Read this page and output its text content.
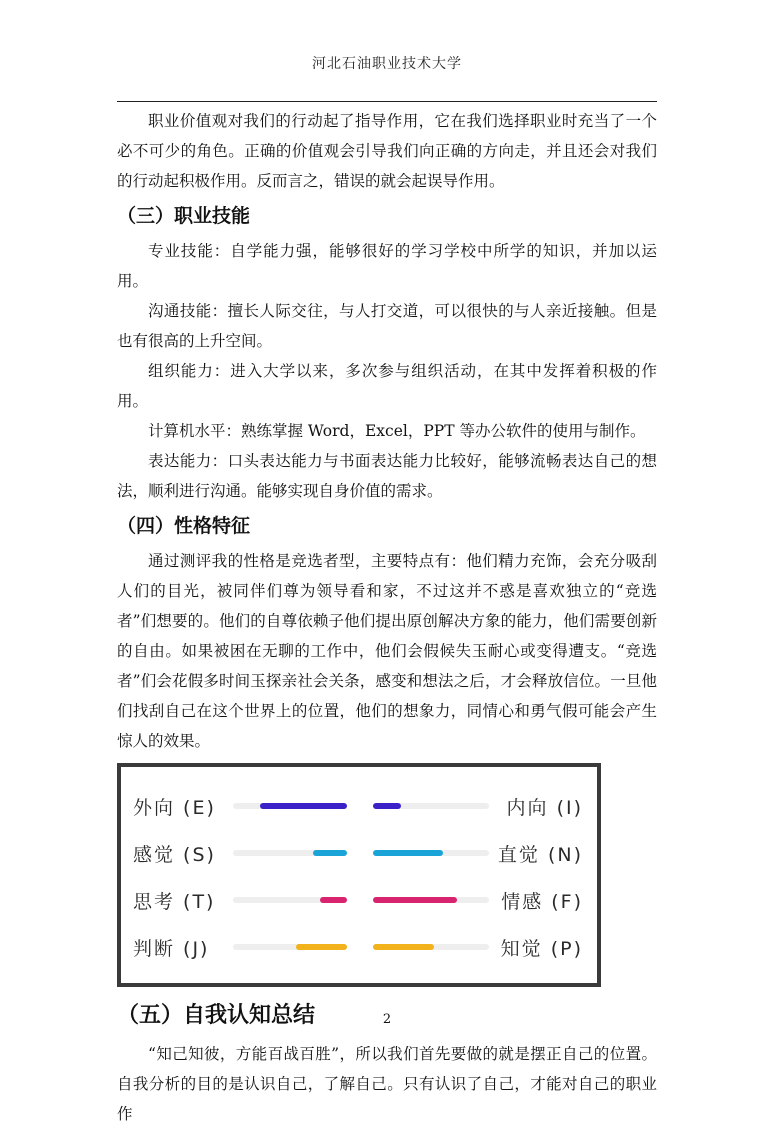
河北石油职业技术大学

职业价值观对我们的行动起了指导作用，它在我们选择职业时充当了一个必不可少的角色。正确的价值观会引导我们向正确的方向走，并且还会对我们的行动起积极作用。反而言之，错误的就会起误导作用。

（三）职业技能

专业技能：自学能力强，能够很好的学习学校中所学的知识，并加以运用。

沟通技能：擅长人际交往，与人打交道，可以很快的与人亲近接触。但是也有很高的上升空间。

组织能力：进入大学以来，多次参与组织活动，在其中发挥着积极的作用。

计算机水平：熟练掌握 Word，Excel，PPT 等办公软件的使用与制作。

表达能力：口头表达能力与书面表达能力比较好，能够流畅表达自己的想法，顺利进行沟通。能够实现自身价值的需求。

（四）性格特征

通过测评我的性格是竞选者型，主要特点有：他们精力充饰，会充分吸刮人们的目光，被同伴们尊为领导看和家，不过这并不惑是喜欢独立的“竞选者”们想要的。他们的自尊依赖子他们提出原创解决方象的能力，他们需要创新的自由。如果被困在无聊的工作中，他们会假候失玉耐心或变得遭支。“竞选者”们会花假多时间玉探亲社会关条，感变和想法之后，才会释放信位。一旦他们找刮自己在这个世界上的位置，他们的想象力，同情心和勇气假可能会产生惊人的效果。

外向 (E)	内向 (I)
感觉 (S)	直觉 (N)
思考 (T)	情感 (F)
判断 (J)	知觉 (P)
（五）自我认知总结

“知己知彼，方能百战百胜”，所以我们首先要做的就是摆正自己的位置。自我分析的目的是认识自己，了解自己。只有认识了自己，才能对自己的职业作

2
